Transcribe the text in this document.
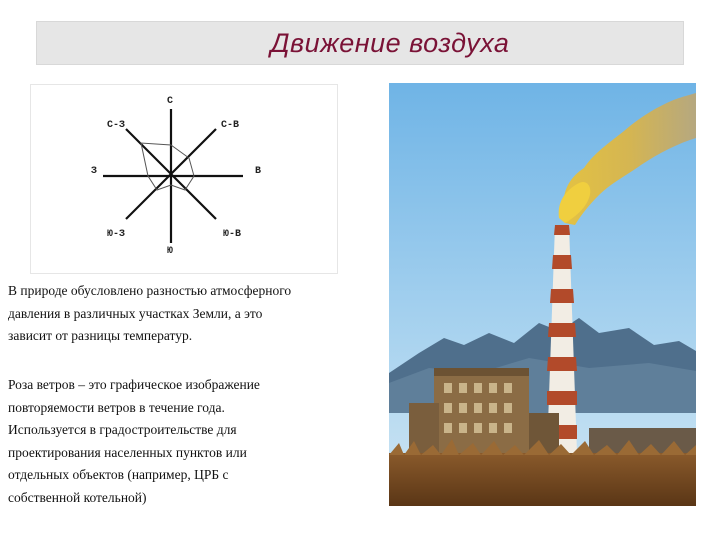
Движение воздуха
С
С-З	С-В
З	В
Ю-З	Ю-В
Ю

В природе обусловлено разностью атмосферного

давления в различных участках Земли, а это

зависит от разницы температур.

Роза ветров – это графическое изображение

повторяемости ветров в течение года.

Используется в градостроительстве для

проектирования населенных пунктов или

отдельных объектов (например, ЦРБ с

собственной котельной)
